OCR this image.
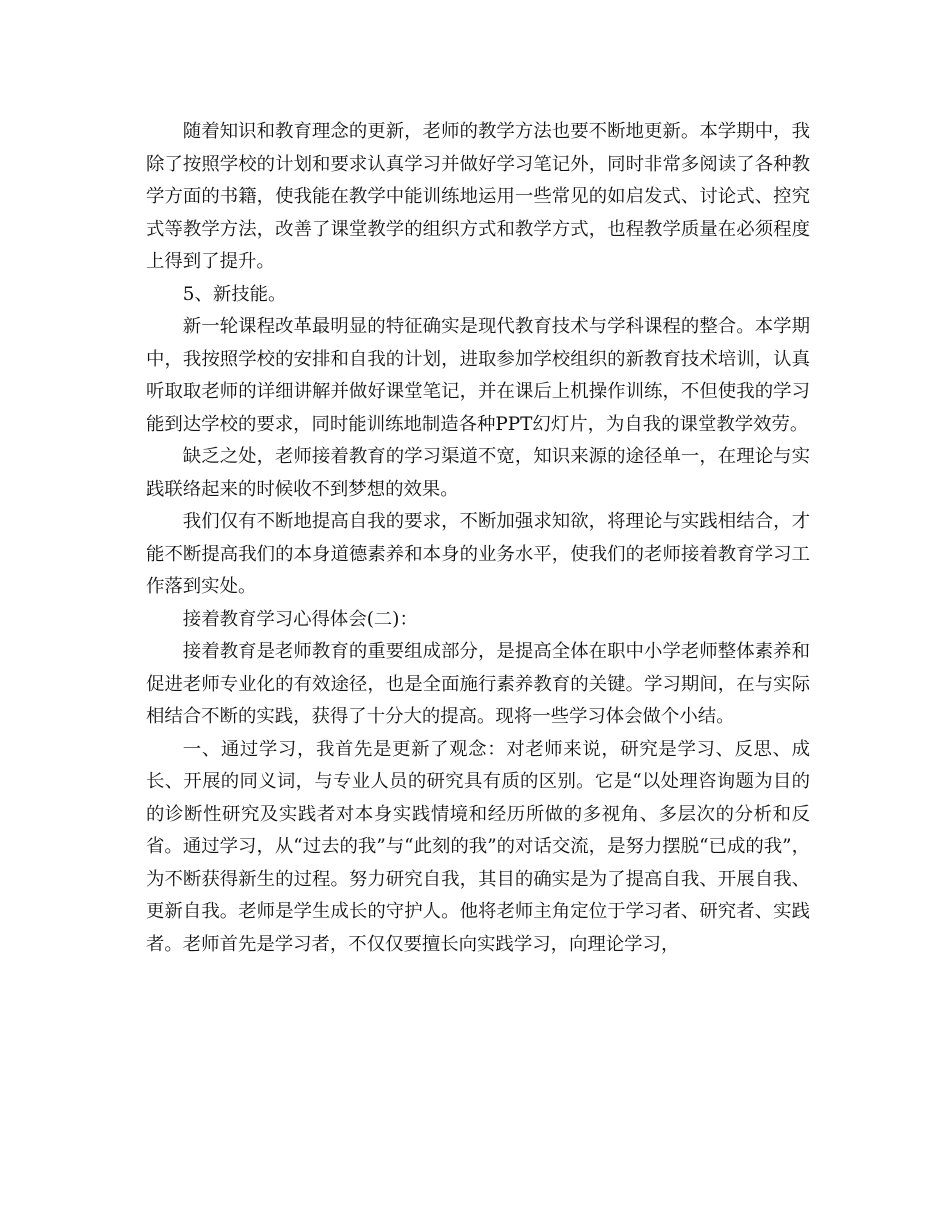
随着知识和教育理念的更新，老师的教学方法也要不断地更新。本学期中，我除了按照学校的计划和要求认真学习并做好学习笔记外，同时非常多阅读了各种教学方面的书籍，使我能在教学中能训练地运用一些常见的如启发式、讨论式、控究式等教学方法，改善了课堂教学的组织方式和教学方式，也程教学质量在必须程度上得到了提升。

5、新技能。

新一轮课程改革最明显的特征确实是现代教育技术与学科课程的整合。本学期中，我按照学校的安排和自我的计划，进取参加学校组织的新教育技术培训，认真听取取老师的详细讲解并做好课堂笔记，并在课后上机操作训练，不但使我的学习能到达学校的要求，同时能训练地制造各种PPT幻灯片，为自我的课堂教学效劳。

缺乏之处，老师接着教育的学习渠道不宽，知识来源的途径单一，在理论与实践联络起来的时候收不到梦想的效果。

我们仅有不断地提高自我的要求，不断加强求知欲，将理论与实践相结合，才能不断提高我们的本身道德素养和本身的业务水平，使我们的老师接着教育学习工作落到实处。

接着教育学习心得体会(二)：

接着教育是老师教育的重要组成部分，是提高全体在职中小学老师整体素养和促进老师专业化的有效途径，也是全面施行素养教育的关键。学习期间，在与实际相结合不断的实践，获得了十分大的提高。现将一些学习体会做个小结。

一、通过学习，我首先是更新了观念：对老师来说，研究是学习、反思、成长、开展的同义词，与专业人员的研究具有质的区别。它是“以处理咨询题为目的的诊断性研究及实践者对本身实践情境和经历所做的多视角、多层次的分析和反省。通过学习，从“过去的我”与“此刻的我”的对话交流，是努力摆脱“已成的我”，为不断获得新生的过程。努力研究自我，其目的确实是为了提高自我、开展自我、更新自我。老师是学生成长的守护人。他将老师主角定位于学习者、研究者、实践者。老师首先是学习者，不仅仅要擅长向实践学习，向理论学习，
